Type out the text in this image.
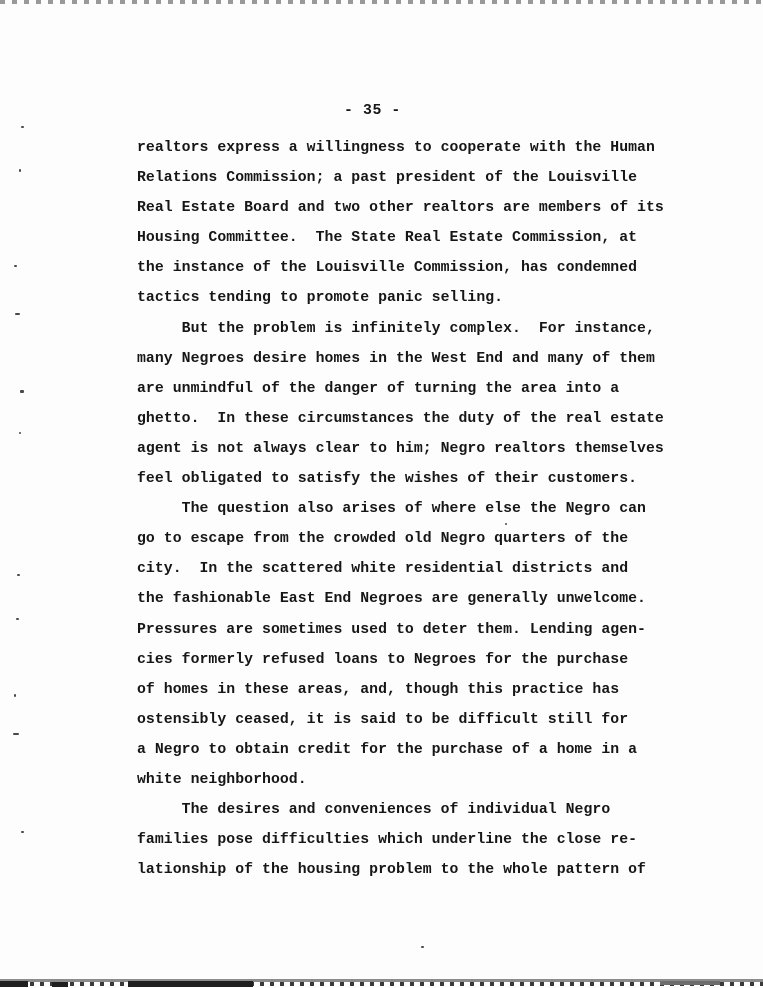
- 35 -
realtors express a willingness to cooperate with the Human
Relations Commission; a past president of the Louisville
Real Estate Board and two other realtors are members of its
Housing Committee.  The State Real Estate Commission, at
the instance of the Louisville Commission, has condemned
tactics tending to promote panic selling.
But the problem is infinitely complex.  For instance,
many Negroes desire homes in the West End and many of them
are unmindful of the danger of turning the area into a
ghetto.  In these circumstances the duty of the real estate
agent is not always clear to him; Negro realtors themselves
feel obligated to satisfy the wishes of their customers.
The question also arises of where else the Negro can
go to escape from the crowded old Negro quarters of the
city.  In the scattered white residential districts and
the fashionable East End Negroes are generally unwelcome.
Pressures are sometimes used to deter them. Lending agen-
cies formerly refused loans to Negroes for the purchase
of homes in these areas, and, though this practice has
ostensibly ceased, it is said to be difficult still for
a Negro to obtain credit for the purchase of a home in a
white neighborhood.
The desires and conveniences of individual Negro
families pose difficulties which underline the close re-
lationship of the housing problem to the whole pattern of
